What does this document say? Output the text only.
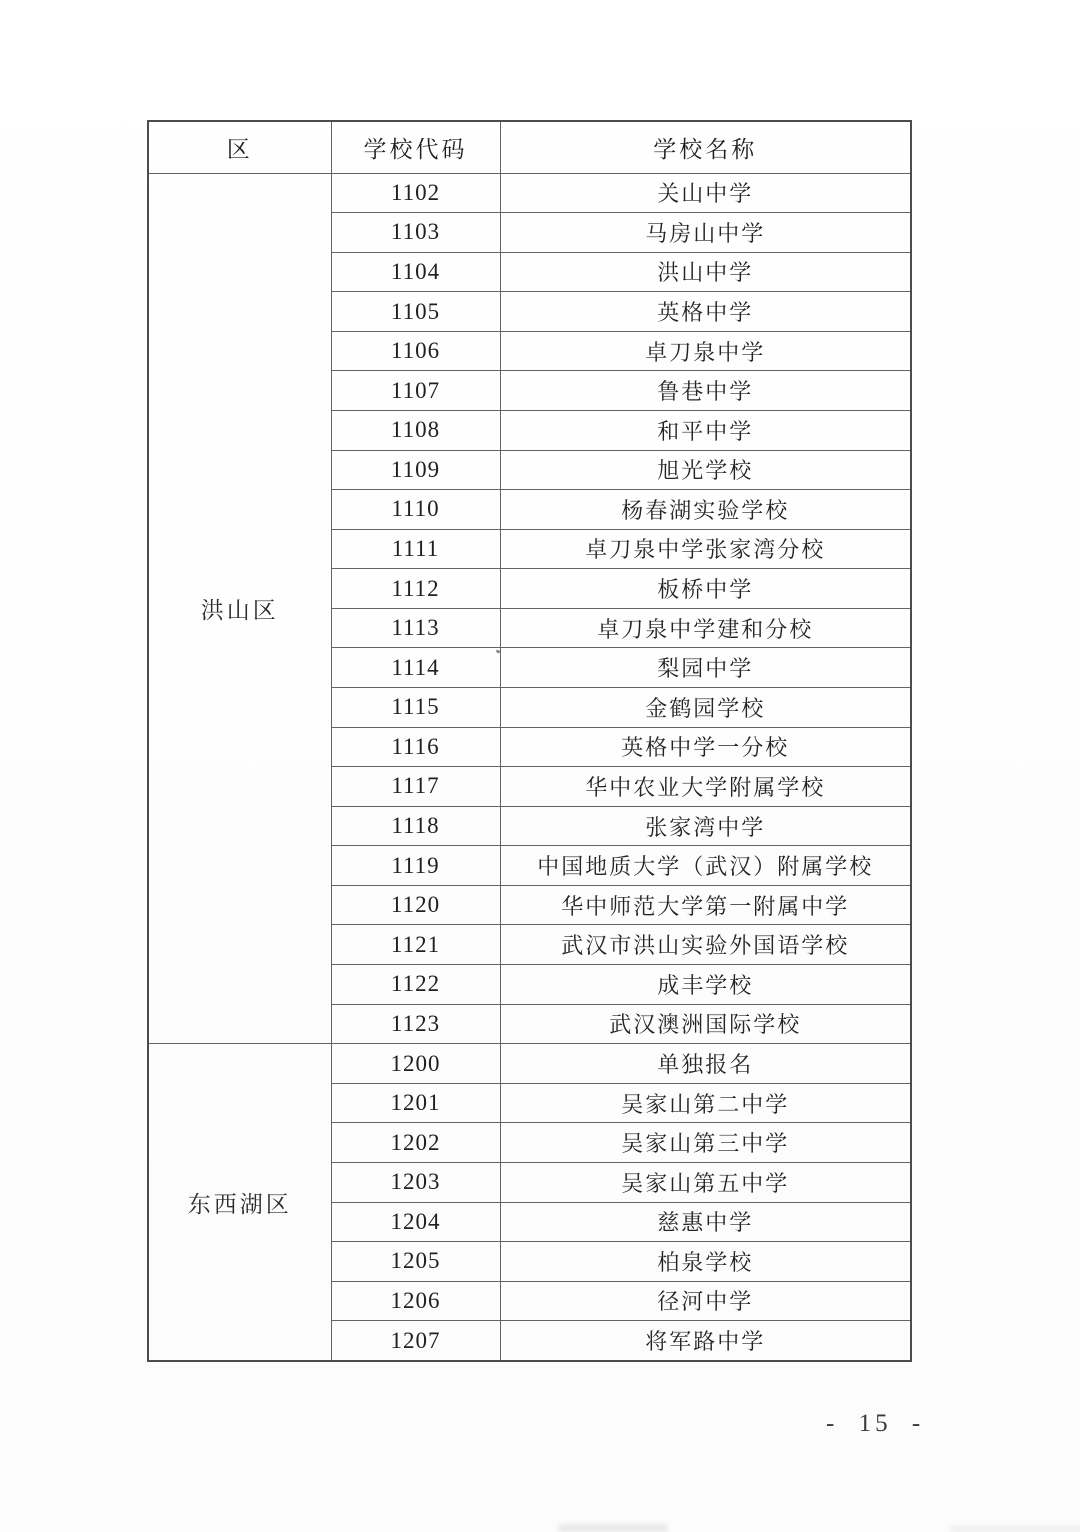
区	学校代码	学校名称
洪山区	1102	关山中学
	1103	马房山中学
	1104	洪山中学
	1105	英格中学
	1106	卓刀泉中学
	1107	鲁巷中学
	1108	和平中学
	1109	旭光学校
	1110	杨春湖实验学校
	1111	卓刀泉中学张家湾分校
	1112	板桥中学
	1113	卓刀泉中学建和分校
	1114	梨园中学
	1115	金鹤园学校
	1116	英格中学一分校
	1117	华中农业大学附属学校
	1118	张家湾中学
	1119	中国地质大学（武汉）附属学校
	1120	华中师范大学第一附属中学
	1121	武汉市洪山实验外国语学校
	1122	成丰学校
	1123	武汉澳洲国际学校
东西湖区	1200	单独报名
	1201	吴家山第二中学
	1202	吴家山第三中学
	1203	吴家山第五中学
	1204	慈惠中学
	1205	柏泉学校
	1206	径河中学
	1207	将军路中学
- 15 -
